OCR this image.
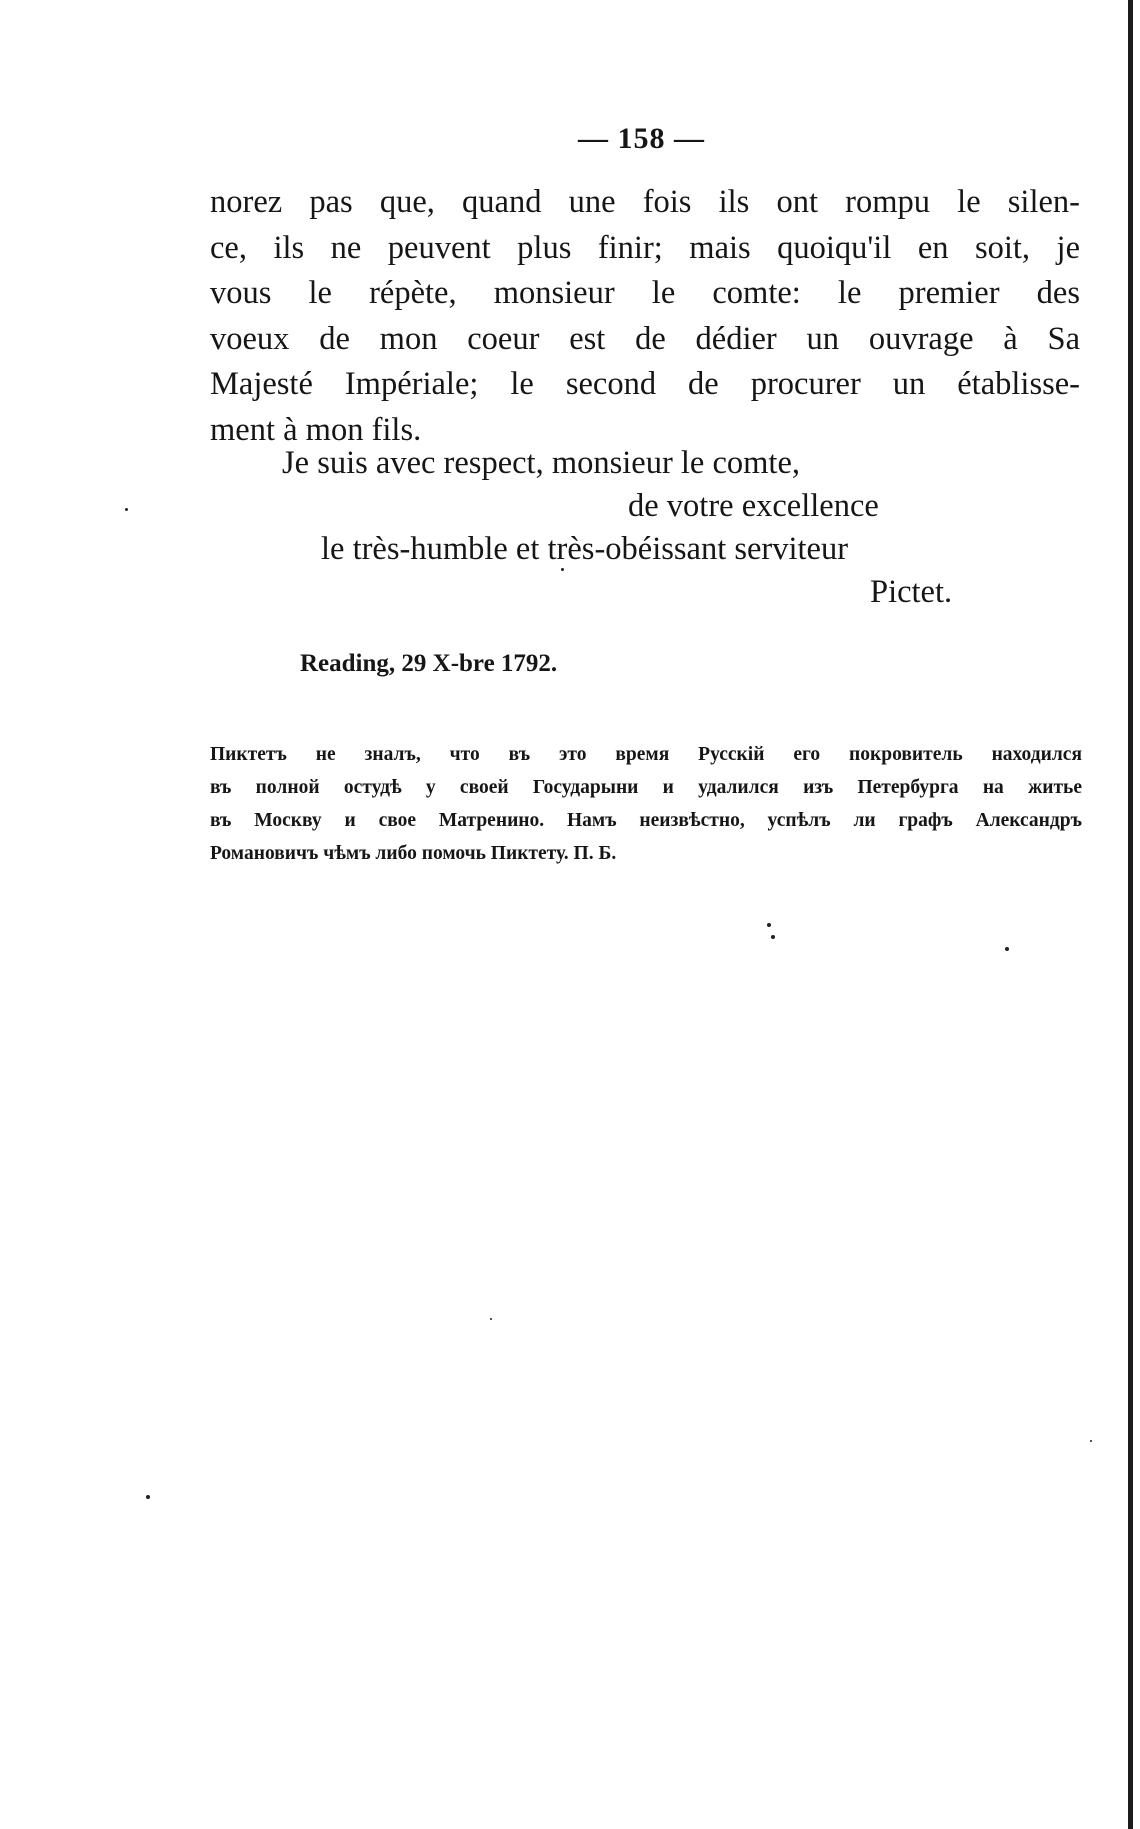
— 158 —
norez pas que, quand une fois ils ont rompu le silen-
ce, ils ne peuvent plus finir; mais quoiqu'il en soit, je
vous le répète, monsieur le comte: le premier des
voeux de mon coeur est de dédier un ouvrage à Sa
Majesté Impériale; le second de procurer un établisse-
ment à mon fils.
Je suis avec respect, monsieur le comte,
de votre excellence
le très-humble et très-obéissant serviteur
Pictet.
Reading, 29 X-bre 1792.
Пиктетъ не зналъ, что въ это время Русскій его покровитель находился
въ полной остудѣ у своей Государыни и удалился изъ Петербурга на житье
въ Москву и свое Матренино. Намъ неизвѣстно, успѣлъ ли графъ Александръ
Романовичъ чѣмъ либо помочь Пиктету. П. Б.
